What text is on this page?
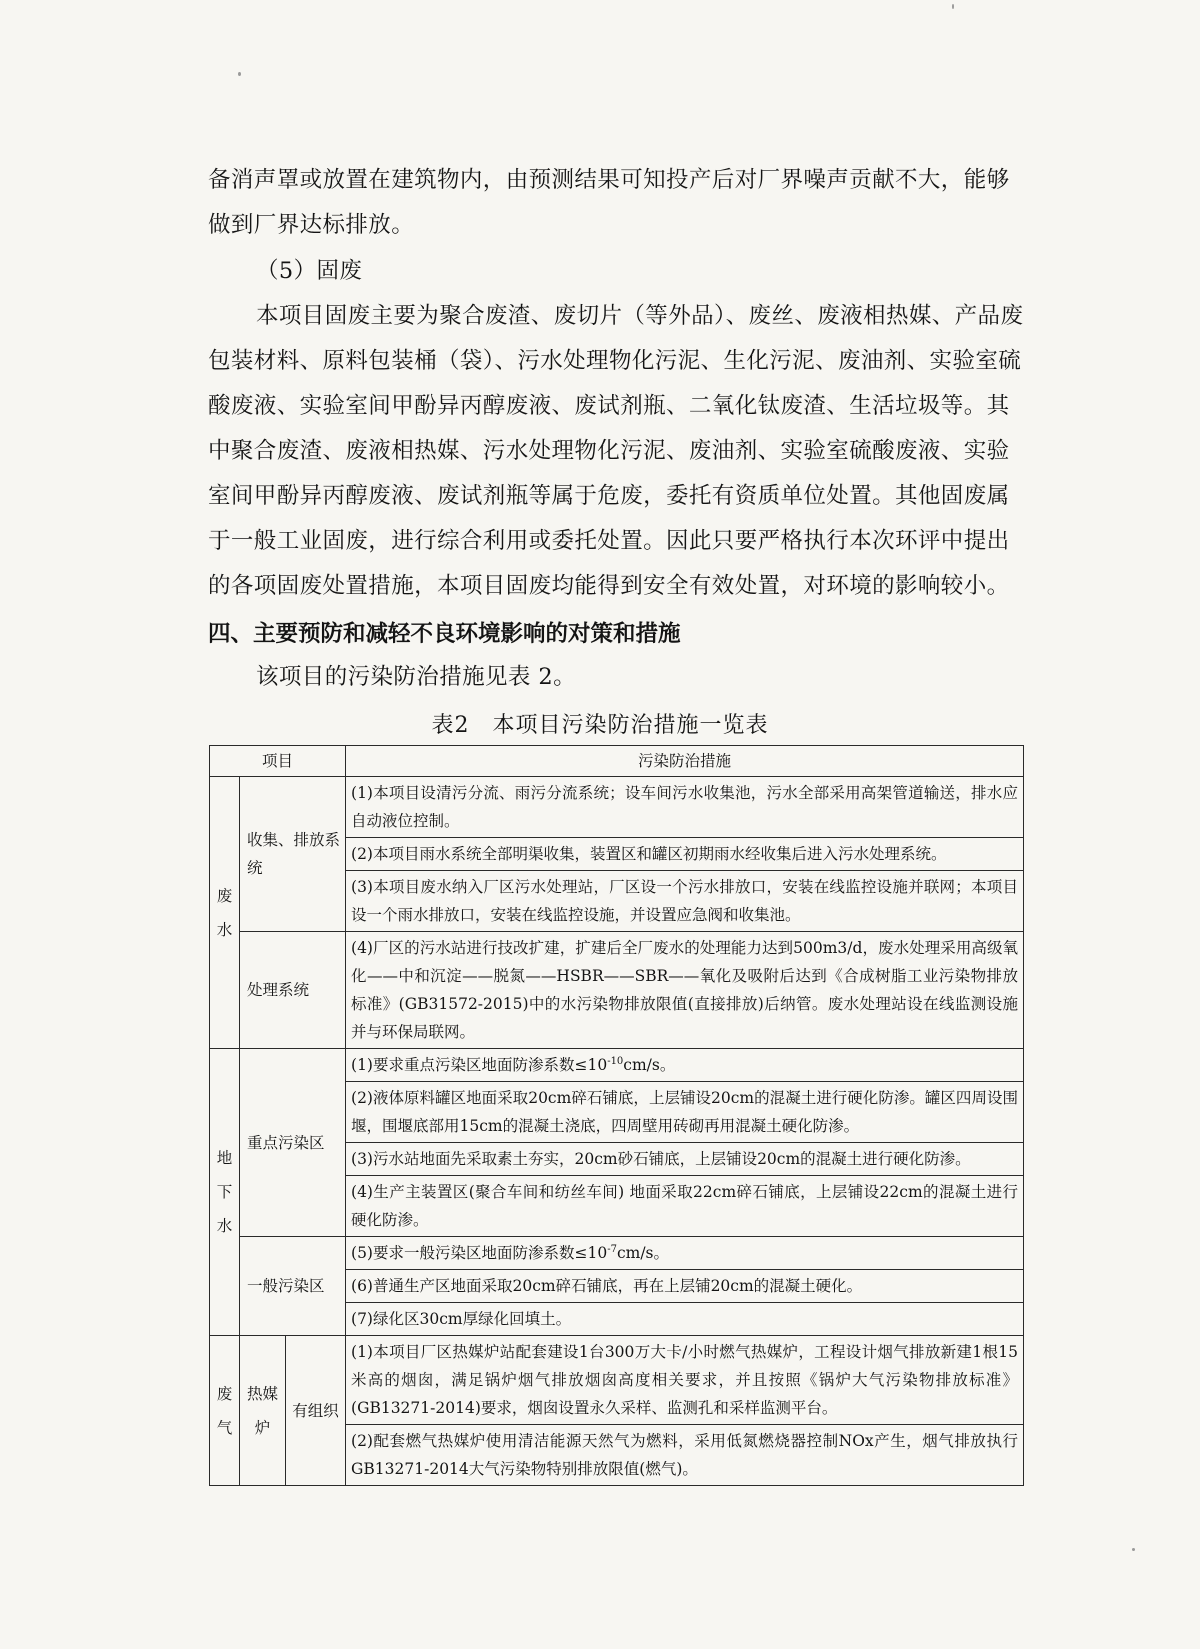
备消声罩或放置在建筑物内，由预测结果可知投产后对厂界噪声贡献不大，能够做到厂界达标排放。

（5）固废

本项目固废主要为聚合废渣、废切片（等外品）、废丝、废液相热媒、产品废包装材料、原料包装桶（袋）、污水处理物化污泥、生化污泥、废油剂、实验室硫酸废液、实验室间甲酚异丙醇废液、废试剂瓶、二氧化钛废渣、生活垃圾等。其中聚合废渣、废液相热媒、污水处理物化污泥、废油剂、实验室硫酸废液、实验室间甲酚异丙醇废液、废试剂瓶等属于危废，委托有资质单位处置。其他固废属于一般工业固废，进行综合利用或委托处置。因此只要严格执行本次环评中提出的各项固废处置措施，本项目固废均能得到安全有效处置，对环境的影响较小。

四、主要预防和减轻不良环境影响的对策和措施

该项目的污染防治措施见表 2。

表2　本项目污染防治措施一览表

项目			污染防治措施
废水	收集、排放系统		(1)本项目设清污分流、雨污分流系统；设车间污水收集池，污水全部采用高架管道输送，排水应自动液位控制。
			(2)本项目雨水系统全部明渠收集，装置区和罐区初期雨水经收集后进入污水处理系统。
			(3)本项目废水纳入厂区污水处理站，厂区设一个污水排放口，安装在线监控设施并联网；本项目设一个雨水排放口，安装在线监控设施，并设置应急阀和收集池。
	处理系统		(4)厂区的污水站进行技改扩建，扩建后全厂废水的处理能力达到500m3/d，废水处理采用高级氧化——中和沉淀——脱氮——HSBR——SBR——氧化及吸附后达到《合成树脂工业污染物排放标准》(GB31572-2015)中的水污染物排放限值(直接排放)后纳管。废水处理站设在线监测设施并与环保局联网。
地下水	重点污染区		(1)要求重点污染区地面防渗系数$\le 10^{-10}cm/s$。
			(2)液体原料罐区地面采取20cm碎石铺底，上层铺设20cm的混凝土进行硬化防渗。罐区四周设围堰，围堰底部用15cm的混凝土浇底，四周壁用砖砌再用混凝土硬化防渗。
			(3)污水站地面先采取素土夯实，20cm砂石铺底，上层铺设20cm的混凝土进行硬化防渗。
			(4)生产主装置区(聚合车间和纺丝车间) 地面采取22cm碎石铺底，上层铺设22cm的混凝土进行硬化防渗。
	一般污染区		(5)要求一般污染区地面防渗系数$\le 10^{-7}cm/s$。
			(6)普通生产区地面采取20cm碎石铺底，再在上层铺20cm的混凝土硬化。
			(7)绿化区30cm厚绿化回填土。
废气	热媒炉	有组织	(1)本项目厂区热媒炉站配套建设1台300万大卡/小时燃气热媒炉，工程设计烟气排放新建1根15米高的烟囱，满足锅炉烟气排放烟囱高度相关要求，并且按照《锅炉大气污染物排放标准》(GB13271-2014)要求，烟囱设置永久采样、监测孔和采样监测平台。
			(2)配套燃气热媒炉使用清洁能源天然气为燃料，采用低氮燃烧器控制NOx产生，烟气排放执行GB13271-2014大气污染物特别排放限值(燃气)。
